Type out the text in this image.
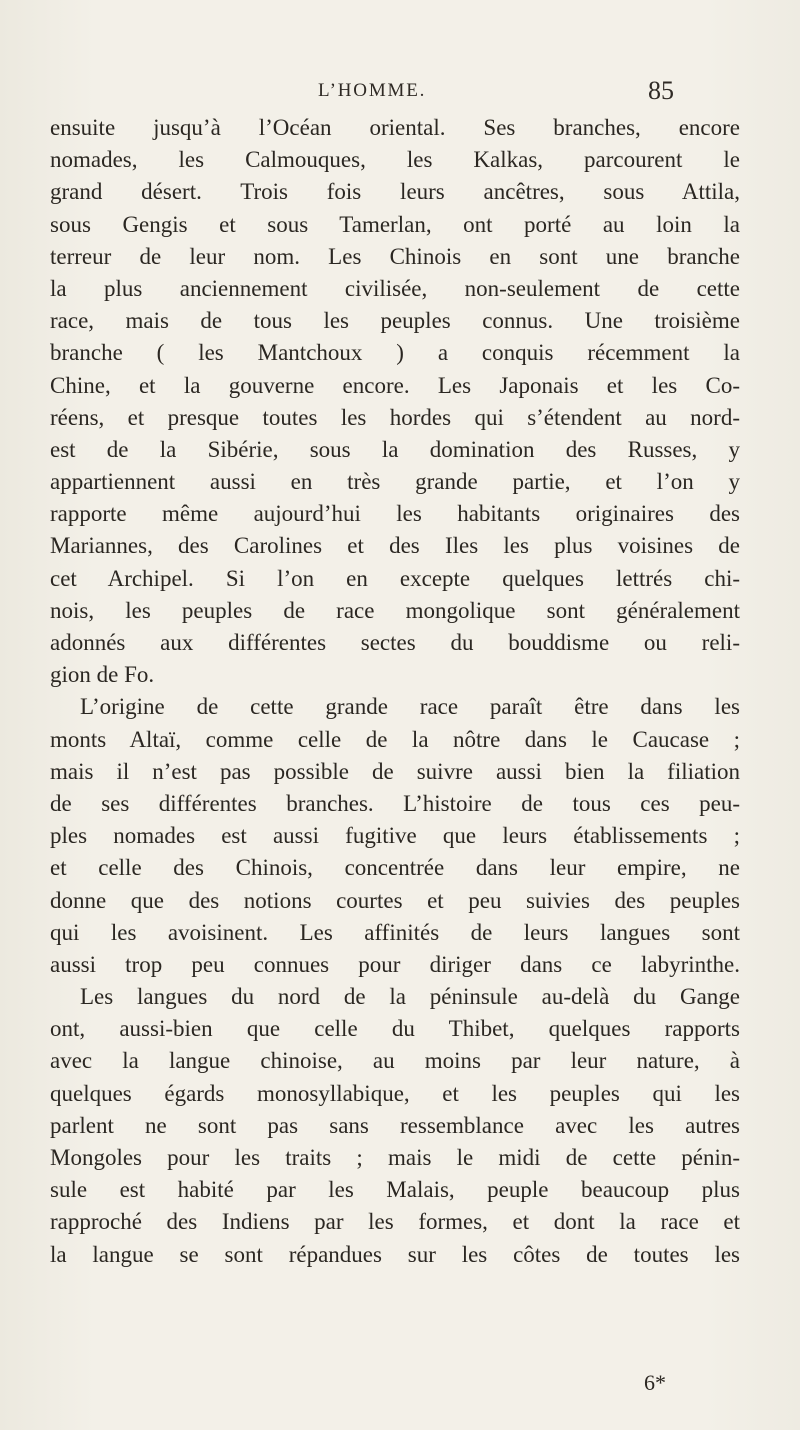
L’HOMME.	85
ensuite jusqu’à l’Océan oriental. Ses branches, encore
nomades, les Calmouques, les Kalkas, parcourent le
grand désert. Trois fois leurs ancêtres, sous Attila,
sous Gengis et sous Tamerlan, ont porté au loin la
terreur de leur nom. Les Chinois en sont une branche
la plus anciennement civilisée, non-seulement de cette
race, mais de tous les peuples connus. Une troisième
branche ( les Mantchoux ) a conquis récemment la
Chine, et la gouverne encore. Les Japonais et les Co-
réens, et presque toutes les hordes qui s’étendent au nord-
est de la Sibérie, sous la domination des Russes, y
appartiennent aussi en très grande partie, et l’on y
rapporte même aujourd’hui les habitants originaires des
Mariannes, des Carolines et des Iles les plus voisines de
cet Archipel. Si l’on en excepte quelques lettrés chi-
nois, les peuples de race mongolique sont généralement
adonnés aux différentes sectes du bouddisme ou reli-
gion de Fo.
L’origine de cette grande race paraît être dans les
monts Altaï, comme celle de la nôtre dans le Caucase ;
mais il n’est pas possible de suivre aussi bien la filiation
de ses différentes branches. L’histoire de tous ces peu-
ples nomades est aussi fugitive que leurs établissements ;
et celle des Chinois, concentrée dans leur empire, ne
donne que des notions courtes et peu suivies des peuples
qui les avoisinent. Les affinités de leurs langues sont
aussi trop peu connues pour diriger dans ce labyrinthe.
Les langues du nord de la péninsule au-delà du Gange
ont, aussi-bien que celle du Thibet, quelques rapports
avec la langue chinoise, au moins par leur nature, à
quelques égards monosyllabique, et les peuples qui les
parlent ne sont pas sans ressemblance avec les autres
Mongoles pour les traits ; mais le midi de cette pénin-
sule est habité par les Malais, peuple beaucoup plus
rapproché des Indiens par les formes, et dont la race et
la langue se sont répandues sur les côtes de toutes les
6*
